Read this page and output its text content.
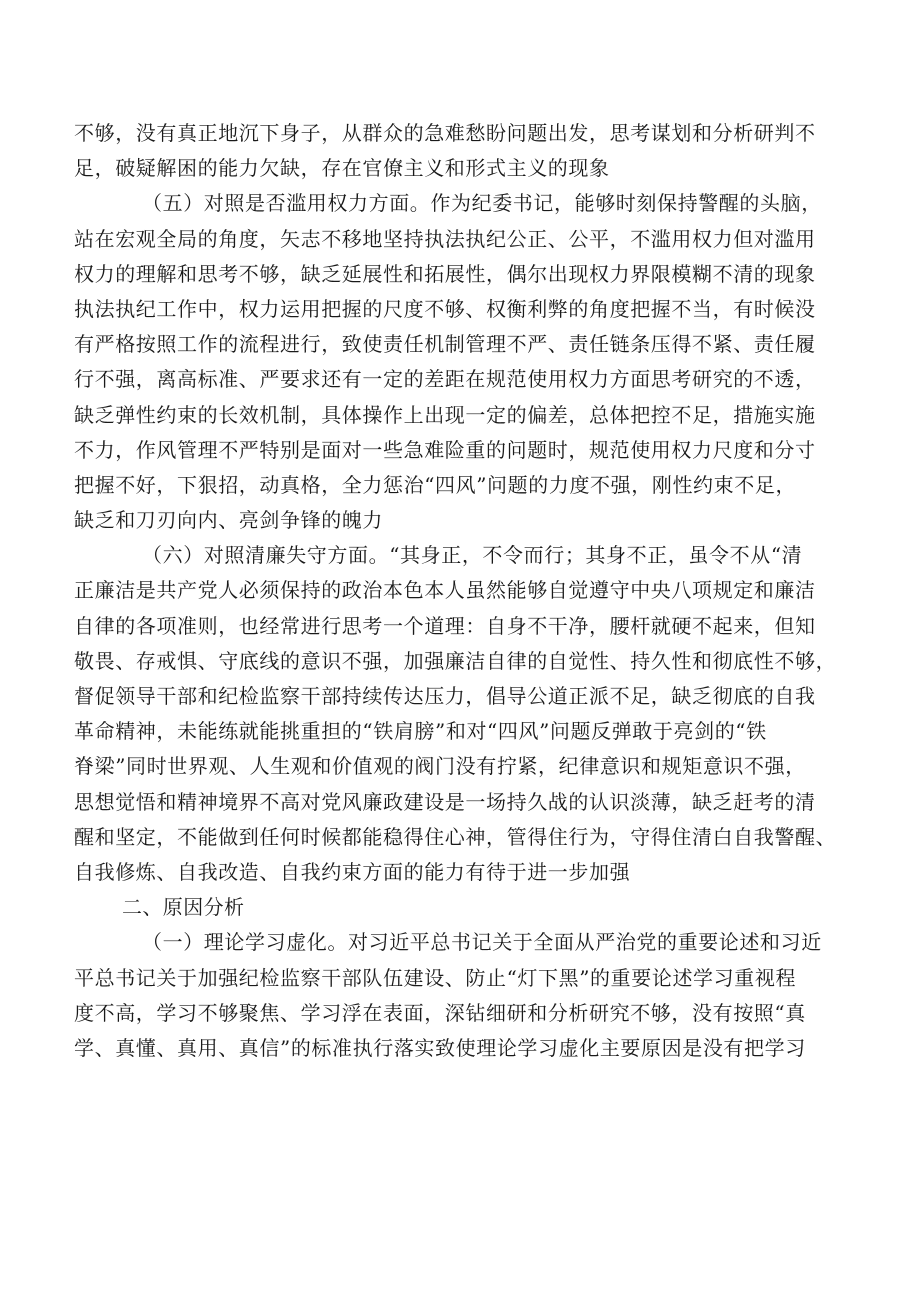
不够，没有真正地沉下身子，从群众的急难愁盼问题出发，思考谋划和分析研判不
足，破疑解困的能力欠缺，存在官僚主义和形式主义的现象
（五）对照是否滥用权力方面。作为纪委书记，能够时刻保持警醒的头脑，
站在宏观全局的角度，矢志不移地坚持执法执纪公正、公平，不滥用权力但对滥用
权力的理解和思考不够，缺乏延展性和拓展性，偶尔出现权力界限模糊不清的现象
执法执纪工作中，权力运用把握的尺度不够、权衡利弊的角度把握不当，有时候没
有严格按照工作的流程进行，致使责任机制管理不严、责任链条压得不紧、责任履
行不强，离高标准、严要求还有一定的差距在规范使用权力方面思考研究的不透，
缺乏弹性约束的长效机制，具体操作上出现一定的偏差，总体把控不足，措施实施
不力，作风管理不严特别是面对一些急难险重的问题时，规范使用权力尺度和分寸
把握不好，下狠招，动真格，全力惩治“四风”问题的力度不强，刚性约束不足，
缺乏和刀刃向内、亮剑争锋的魄力
（六）对照清廉失守方面。“其身正，不令而行；其身不正，虽令不从“清
正廉洁是共产党人必须保持的政治本色本人虽然能够自觉遵守中央八项规定和廉洁
自律的各项准则，也经常进行思考一个道理：自身不干净，腰杆就硬不起来，但知
敬畏、存戒惧、守底线的意识不强，加强廉洁自律的自觉性、持久性和彻底性不够，
督促领导干部和纪检监察干部持续传达压力，倡导公道正派不足，缺乏彻底的自我
革命精神，未能练就能挑重担的“铁肩膀”和对“四风”问题反弹敢于亮剑的“铁
脊梁”同时世界观、人生观和价值观的阀门没有拧紧，纪律意识和规矩意识不强，
思想觉悟和精神境界不高对党风廉政建设是一场持久战的认识淡薄，缺乏赶考的清
醒和坚定，不能做到任何时候都能稳得住心神，管得住行为，守得住清白自我警醒、
自我修炼、自我改造、自我约束方面的能力有待于进一步加强
二、原因分析
（一）理论学习虚化。对习近平总书记关于全面从严治党的重要论述和习近
平总书记关于加强纪检监察干部队伍建设、防止“灯下黑”的重要论述学习重视程
度不高，学习不够聚焦、学习浮在表面，深钻细研和分析研究不够，没有按照“真
学、真懂、真用、真信”的标准执行落实致使理论学习虚化主要原因是没有把学习
